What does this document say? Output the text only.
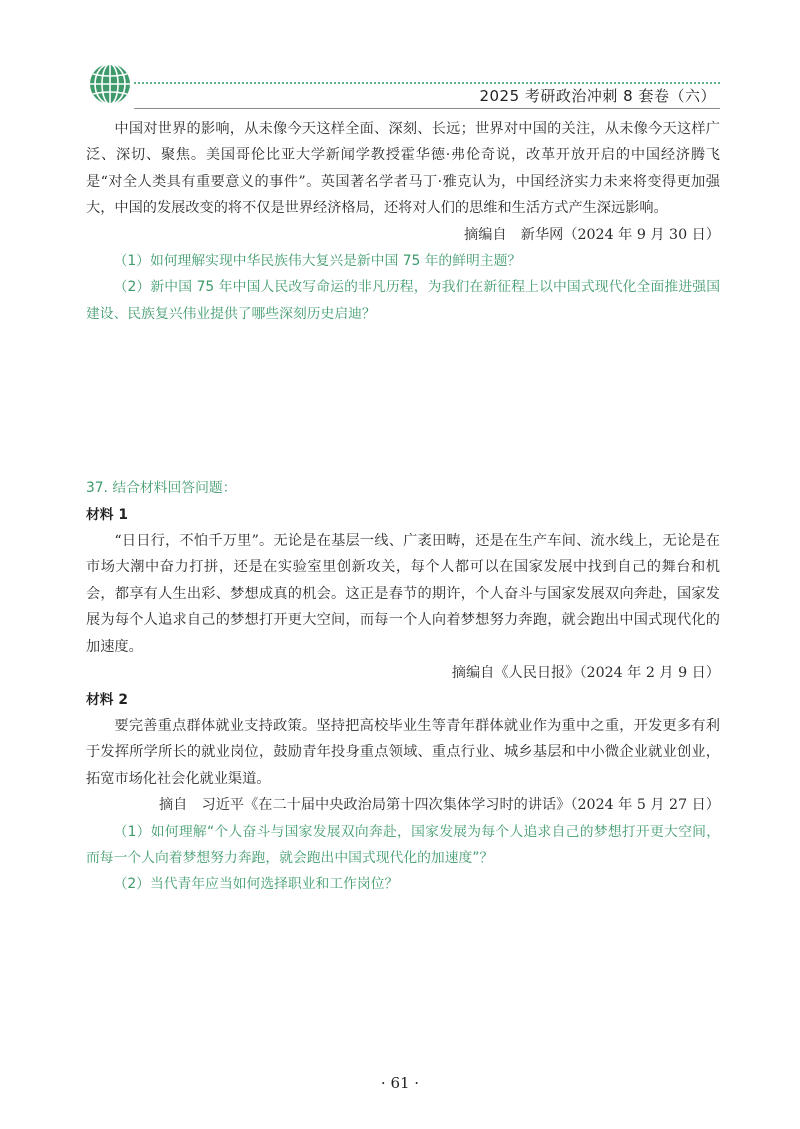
2025 考研政治冲刺 8 套卷（六）

中国对世界的影响，从未像今天这样全面、深刻、长远；世界对中国的关注，从未像今天这样广泛、深切、聚焦。美国哥伦比亚大学新闻学教授霍华德·弗伦奇说，改革开放开启的中国经济腾飞是“对全人类具有重要意义的事件”。英国著名学者马丁·雅克认为，中国经济实力未来将变得更加强大，中国的发展改变的将不仅是世界经济格局，还将对人们的思维和生活方式产生深远影响。

摘编自　新华网（2024 年 9 月 30 日）

（1）如何理解实现中华民族伟大复兴是新中国 75 年的鲜明主题？

（2）新中国 75 年中国人民改写命运的非凡历程，为我们在新征程上以中国式现代化全面推进强国建设、民族复兴伟业提供了哪些深刻历史启迪？

37. 结合材料回答问题：

材料 1

“日日行，不怕千万里”。无论是在基层一线、广袤田畴，还是在生产车间、流水线上，无论是在市场大潮中奋力打拼，还是在实验室里创新攻关，每个人都可以在国家发展中找到自己的舞台和机会，都享有人生出彩、梦想成真的机会。这正是春节的期许，个人奋斗与国家发展双向奔赴，国家发展为每个人追求自己的梦想打开更大空间，而每一个人向着梦想努力奔跑，就会跑出中国式现代化的加速度。

摘编自《人民日报》（2024 年 2 月 9 日）

材料 2

要完善重点群体就业支持政策。坚持把高校毕业生等青年群体就业作为重中之重，开发更多有利于发挥所学所长的就业岗位，鼓励青年投身重点领域、重点行业、城乡基层和中小微企业就业创业，拓宽市场化社会化就业渠道。

摘自　习近平《在二十届中央政治局第十四次集体学习时的讲话》（2024 年 5 月 27 日）

（1）如何理解“个人奋斗与国家发展双向奔赴，国家发展为每个人追求自己的梦想打开更大空间，而每一个人向着梦想努力奔跑，就会跑出中国式现代化的加速度”？

（2）当代青年应当如何选择职业和工作岗位？

· 61 ·
